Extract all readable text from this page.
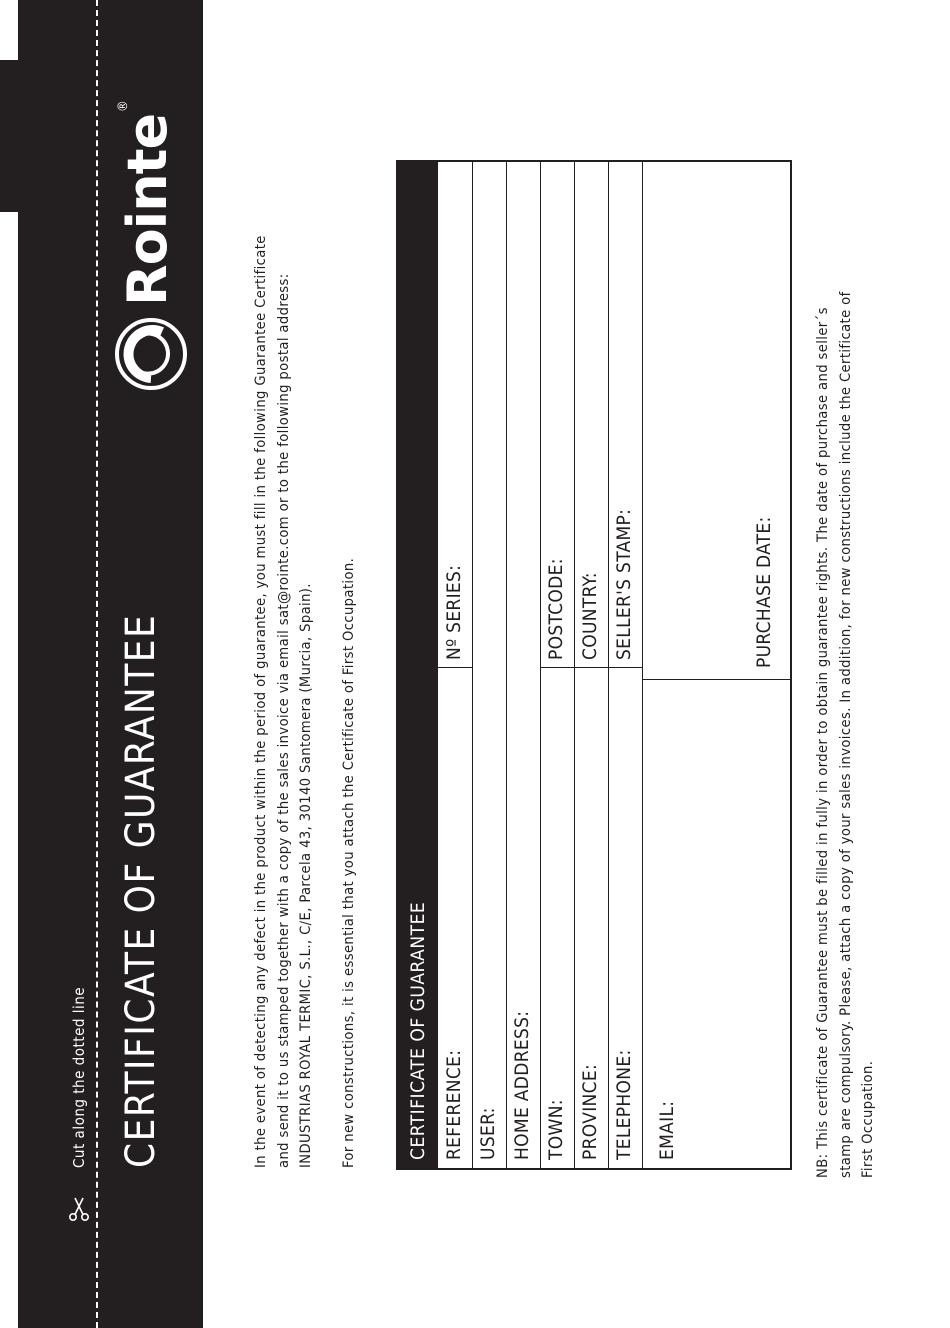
Cut along the dotted line CERTIFICATE OF GUARANTEE
Rointe
®
In the event of detecting any defect in the product within the period of guarantee, you must fill in the following Guarantee Certificate and send it to us stamped together with a copy of the sales invoice via email sat@rointe.com or to the following postal address: INDUSTRIAS ROYAL TERMIC, S.L., C/E, Parcela 43, 30140 Santomera (Murcia, Spain). For new constructions, it is essential that you attach the Certificate of First Occupation.	CERTIFICATE OF GUARANTEE REFERENCE:
Nº SERIES:
USER: HOME ADDRESS: TOWN:
POSTCODE:
PROVINCE:
COUNTRY:
TELEPHONE:
SELLER'S STAMP:
EMAIL:
PURCHASE DATE:	NB: This certificate of Guarantee must be filled in fully in order to obtain guarantee rights. The date of purchase and seller´s stamp are compulsory. Please, attach a copy of your sales invoices. In addition, for new constructions include the Certificate of First Occupation.
